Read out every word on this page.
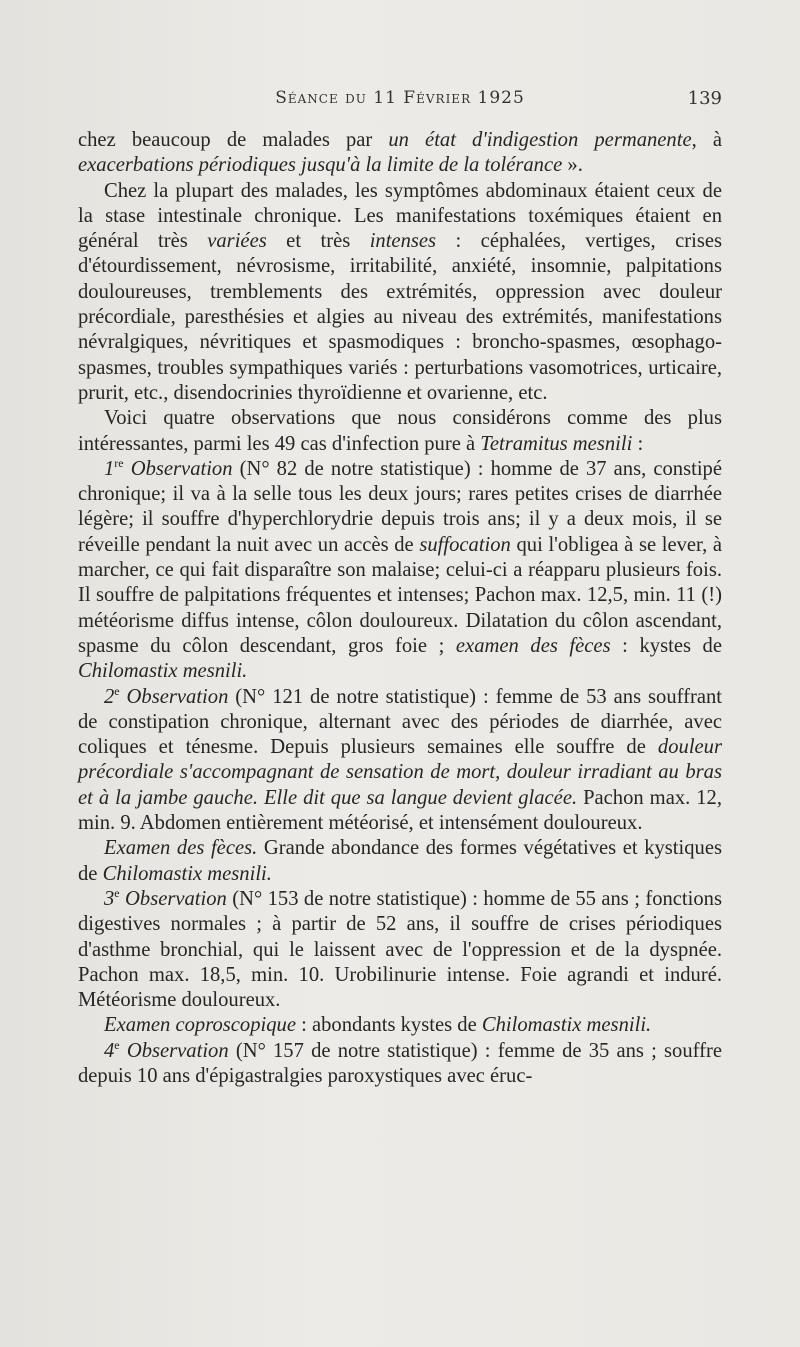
Séance du 11 Février 1925	139

chez beaucoup de malades par un état d'indigestion permanente, à exacerbations périodiques jusqu'à la limite de la tolérance ».

Chez la plupart des malades, les symptômes abdominaux étaient ceux de la stase intestinale chronique. Les manifestations toxémiques étaient en général très variées et très intenses : céphalées, vertiges, crises d'étourdissement, névrosisme, irritabilité, anxiété, insomnie, palpitations douloureuses, tremblements des extrémités, oppression avec douleur précordiale, paresthésies et algies au niveau des extrémités, manifestations névralgiques, névritiques et spasmodiques : broncho-spasmes, œsophago-spasmes, troubles sympathiques variés : perturbations vasomotrices, urticaire, prurit, etc., disendocrinies thyroïdienne et ovarienne, etc.

Voici quatre observations que nous considérons comme des plus intéressantes, parmi les 49 cas d'infection pure à Tetramitus mesnili :

1re Observation (N° 82 de notre statistique) : homme de 37 ans, constipé chronique; il va à la selle tous les deux jours; rares petites crises de diarrhée légère; il souffre d'hyperchlorydrie depuis trois ans; il y a deux mois, il se réveille pendant la nuit avec un accès de suffocation qui l'obligea à se lever, à marcher, ce qui fait disparaître son malaise; celui-ci a réapparu plusieurs fois. Il souffre de palpitations fréquentes et intenses; Pachon max. 12,5, min. 11 (!) météorisme diffus intense, côlon douloureux. Dilatation du côlon ascendant, spasme du côlon descendant, gros foie ; examen des fèces : kystes de Chilomastix mesnili.

2e Observation (N° 121 de notre statistique) : femme de 53 ans souffrant de constipation chronique, alternant avec des périodes de diarrhée, avec coliques et ténesme. Depuis plusieurs semaines elle souffre de douleur précordiale s'accompagnant de sensation de mort, douleur irradiant au bras et à la jambe gauche. Elle dit que sa langue devient glacée. Pachon max. 12, min. 9. Abdomen entièrement météorisé, et intensément douloureux.

Examen des fèces. Grande abondance des formes végétatives et kystiques de Chilomastix mesnili.

3e Observation (N° 153 de notre statistique) : homme de 55 ans ; fonctions digestives normales ; à partir de 52 ans, il souffre de crises périodiques d'asthme bronchial, qui le laissent avec de l'oppression et de la dyspnée. Pachon max. 18,5, min. 10. Urobilinurie intense. Foie agrandi et induré. Météorisme douloureux.

Examen coproscopique : abondants kystes de Chilomastix mesnili.

4e Observation (N° 157 de notre statistique) : femme de 35 ans ; souffre depuis 10 ans d'épigastralgies paroxystiques avec éruc-
